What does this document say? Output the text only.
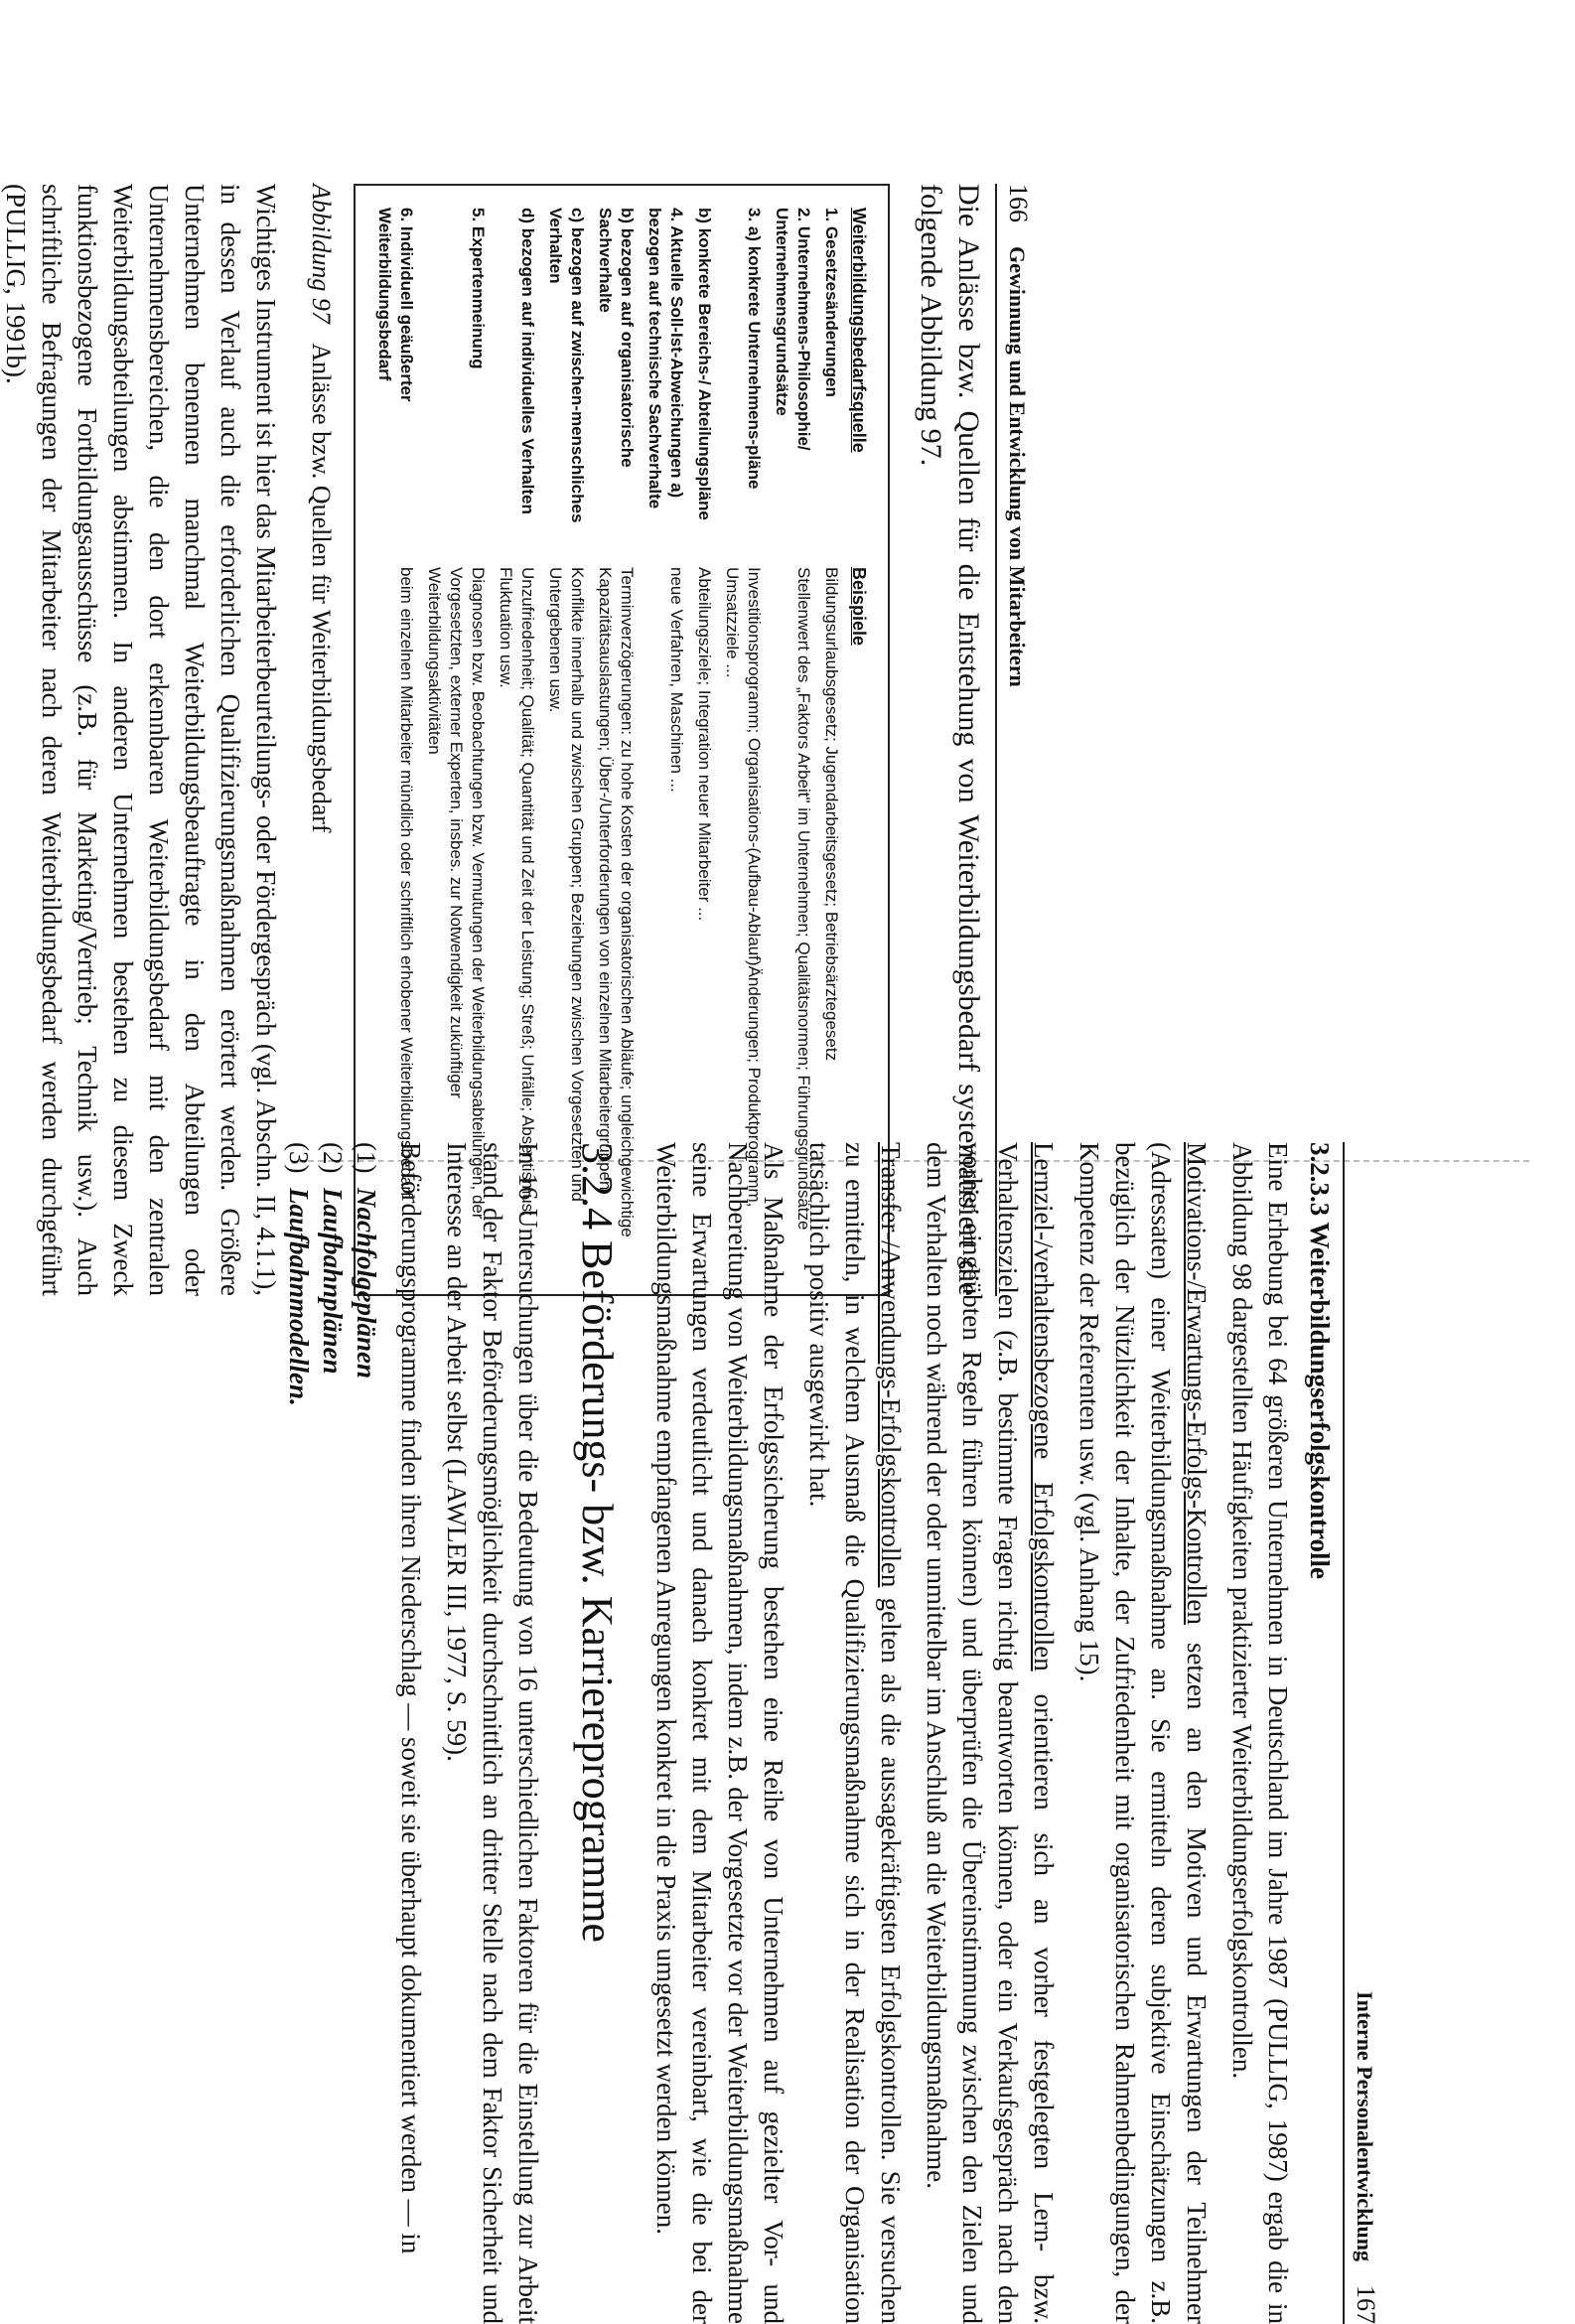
166
Gewinnung und Entwicklung von Mitarbeitern

Die Anlässe bzw. Quellen für die Entstehung von Weiterbildungsbedarf systematisiert die folgende Abbildung 97.

Weiterbildungsbedarfsquelle
Beispiele
1. Gesetzesänderungen
Bildungsurlaubsgesetz; Jugendarbeitsgesetz; Betriebsärztegesetz
2. Unternehmens-Philosophie/ Unternehmensgrundsätze
Stellenwert des „Faktors Arbeit" im Unternehmen; Qualitätsnormen; Führungsgrundsätze
3. a) konkrete Unternehmens-pläne
Investitionsprogramm; Organisations-(Aufbau-Ablauf)Änderungen; Produktprogramm, Umsatzziele ...
b) konkrete Bereichs-/ Abteilungspläne
Abteilungsziele; Integration neuer Mitarbeiter ...
4. Aktuelle Soll-Ist-Abweichungen a) bezogen auf technische Sachverhalte
neue Verfahren, Maschinen ...
b) bezogen auf organisatorische Sachverhalte
Terminverzögerungen: zu hohe Kosten der organisatorischen Abläufe; ungleichgewichtige Kapazitätsauslastungen; Über-/Unterforderungen von einzelnen Mitarbeitergruppen
c) bezogen auf zwischen-menschliches Verhalten
Konflikte innerhalb und zwischen Gruppen; Beziehungen zwischen Vorgesetzten und Untergebenen usw.
d) bezogen auf individuelles Verhalten
Unzufriedenheit; Qualität; Quantität und Zeit der Leistung; Streß; Unfälle; Absentismus; Fluktuation usw.
5. Expertenmeinung
Diagnosen bzw. Beobachtungen bzw. Vermutungen der Weiterbildungsabteilungen, der Vorgesetzten, externer Experten, insbes. zur Notwendigkeit zukünftiger Weiterbildungsaktivitäten
6. Individuell geäußerter Weiterbildungsbedarf
beim einzelnen Mitarbeiter mündlich oder schriftlich erhobener Weiterbildungsbedarf
Abbildung 97   Anlässe bzw. Quellen für Weiterbildungsbedarf

Wichtiges Instrument ist hier das Mitarbeiterbeurteilungs- oder Fördergespräch (vgl. Abschn. II, 4.1.1), in dessen Verlauf auch die erforderlichen Qualifizierungsmaßnahmen erörtert werden. Größere Unternehmen benennen manchmal Weiterbildungsbeauftragte in den Abteilungen oder Unternehmensbereichen, die den dort erkennbaren Weiterbildungsbedarf mit den zentralen Weiterbildungsabteilungen abstimmen. In anderen Unternehmen bestehen zu diesem Zweck funktionsbezogene Fortbildungsausschüsse (z.B. für Marketing/Vertrieb; Technik usw.). Auch schriftliche Befragungen der Mitarbeiter nach deren Weiterbildungsbedarf werden durchgeführt (PULLIG, 1991b).

Interne Personalentwicklung
167
3.2.3.3 Weiterbildungserfolgskontrolle

Eine Erhebung bei 64 größeren Unternehmen in Deutschland im Jahre 1987 (PULLIG, 1987) ergab die in Abbildung 98 dargestellten Häufigkeiten praktizierter Weiterbildungserfolgskontrollen.

Motivations-/Erwartungs-Erfolgs-Kontrollen setzen an den Motiven und Erwartungen der Teilnehmer (Adressaten) einer Weiterbildungsmaßnahme an. Sie ermitteln deren subjektive Einschätzungen z.B. bezüglich der Nützlichkeit der Inhalte, der Zufriedenheit mit organisatorischen Rahmenbedingungen, der Kompetenz der Referenten usw. (vgl. Anhang 15).

Lernziel-/verhaltensbezogene Erfolgskontrollen orientieren sich an vorher festgelegten Lern- bzw. Verhaltenszielen (z.B. bestimmte Fragen richtig beantworten können, oder ein Verkaufsgespräch nach den vorher eingeübten Regeln führen können) und überprüfen die Übereinstimmung zwischen den Zielen und dem Verhalten noch während der oder unmittelbar im Anschluß an die Weiterbildungsmaßnahme.

Transfer-/Anwendungs-Erfolgskontrollen gelten als die aussagekräftigsten Erfolgskontrollen. Sie versuchen zu ermitteln, in welchem Ausmaß die Qualifizierungsmaßnahme sich in der Realisation der Organisation tatsächlich positiv ausgewirkt hat.

Als Maßnahme der Erfolgssicherung bestehen eine Reihe von Unternehmen auf gezielter Vor- und Nachbereitung von Weiterbildungsmaßnahmen, indem z.B. der Vorgesetzte vor der Weiterbildungsmaßnahme seine Erwartungen verdeutlicht und danach konkret mit dem Mitarbeiter vereinbart, wie die bei der Weiterbildungsmaßnahme empfangenen Anregungen konkret in die Praxis umgesetzt werden können.

3.2.4 Beförderungs- bzw. Karriereprogramme

In 16 Untersuchungen über die Bedeutung von 16 unterschiedlichen Faktoren für die Einstellung zur Arbeit stand der Faktor Beförderungsmöglichkeit durchschnittlich an dritter Stelle nach dem Faktor Sicherheit und Interesse an der Arbeit selbst (LAWLER III, 1977, S. 59).

Beförderungsprogramme finden ihren Niederschlag — soweit sie überhaupt dokumentiert werden — in

(1)Nachfolgeplänen
(2)Laufbahnplänen
(3)Laufbahnmodellen.
